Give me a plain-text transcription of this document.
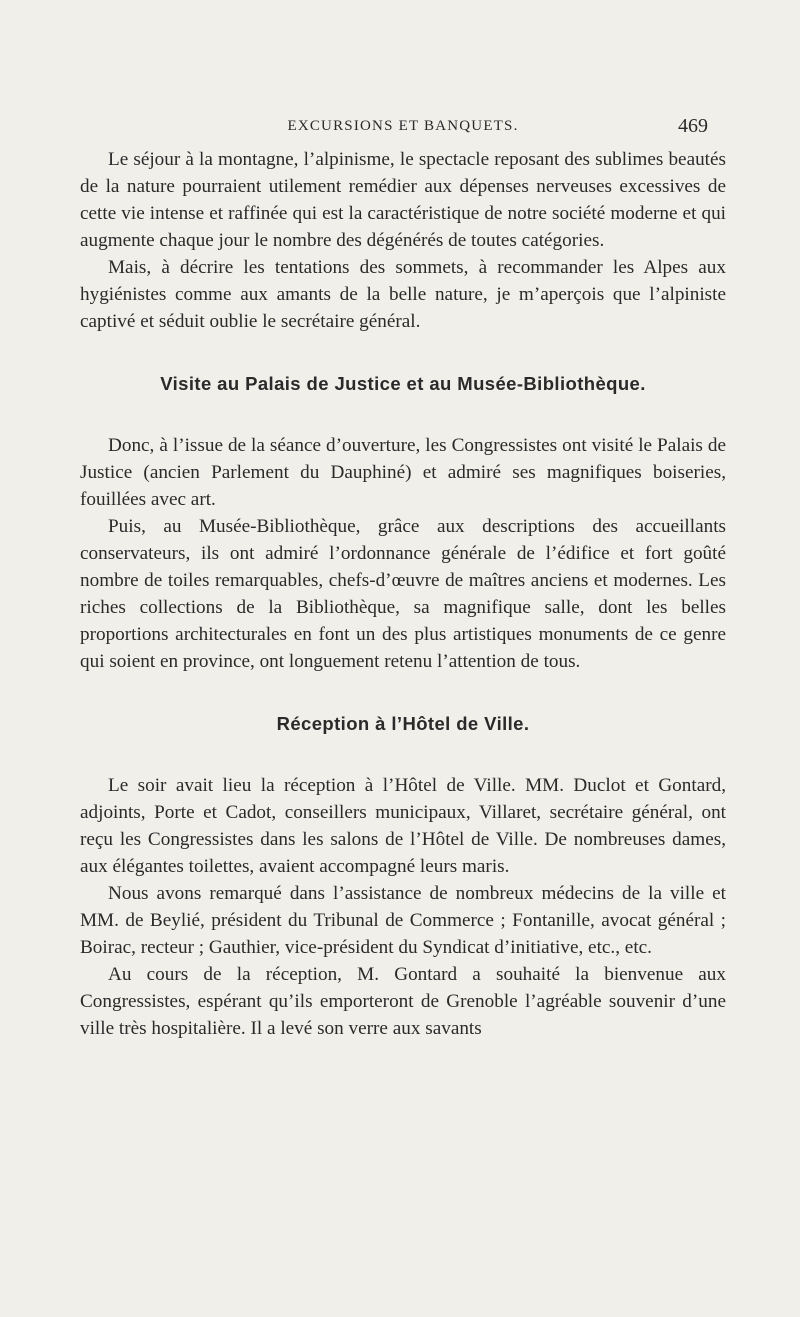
EXCURSIONS ET BANQUETS.	469

Le séjour à la montagne, l’alpinisme, le spectacle reposant des sublimes beautés de la nature pourraient utilement remédier aux dépenses nerveuses excessives de cette vie intense et raffinée qui est la caractéristique de notre société moderne et qui augmente chaque jour le nombre des dégénérés de toutes catégories.

Mais, à décrire les tentations des sommets, à recommander les Alpes aux hygiénistes comme aux amants de la belle nature, je m’aperçois que l’alpiniste captivé et séduit oublie le secrétaire général.

Visite au Palais de Justice et au Musée-Bibliothèque.

Donc, à l’issue de la séance d’ouverture, les Congressistes ont visité le Palais de Justice (ancien Parlement du Dauphiné) et admiré ses magnifiques boiseries, fouillées avec art.

Puis, au Musée-Bibliothèque, grâce aux descriptions des accueillants conservateurs, ils ont admiré l’ordonnance générale de l’édifice et fort goûté nombre de toiles remarquables, chefs-d’œuvre de maîtres anciens et modernes. Les riches collections de la Bibliothèque, sa magnifique salle, dont les belles proportions architecturales en font un des plus artistiques monuments de ce genre qui soient en province, ont longuement retenu l’attention de tous.

Réception à l’Hôtel de Ville.

Le soir avait lieu la réception à l’Hôtel de Ville. MM. Duclot et Gontard, adjoints, Porte et Cadot, conseillers municipaux, Villaret, secrétaire général, ont reçu les Congressistes dans les salons de l’Hôtel de Ville. De nombreuses dames, aux élégantes toilettes, avaient accompagné leurs maris.

Nous avons remarqué dans l’assistance de nombreux médecins de la ville et MM. de Beylié, président du Tribunal de Commerce ; Fontanille, avocat général ; Boirac, recteur ; Gauthier, vice-président du Syndicat d’initiative, etc., etc.

Au cours de la réception, M. Gontard a souhaité la bienvenue aux Congressistes, espérant qu’ils emporteront de Grenoble l’agréable souvenir d’une ville très hospitalière. Il a levé son verre aux savants
